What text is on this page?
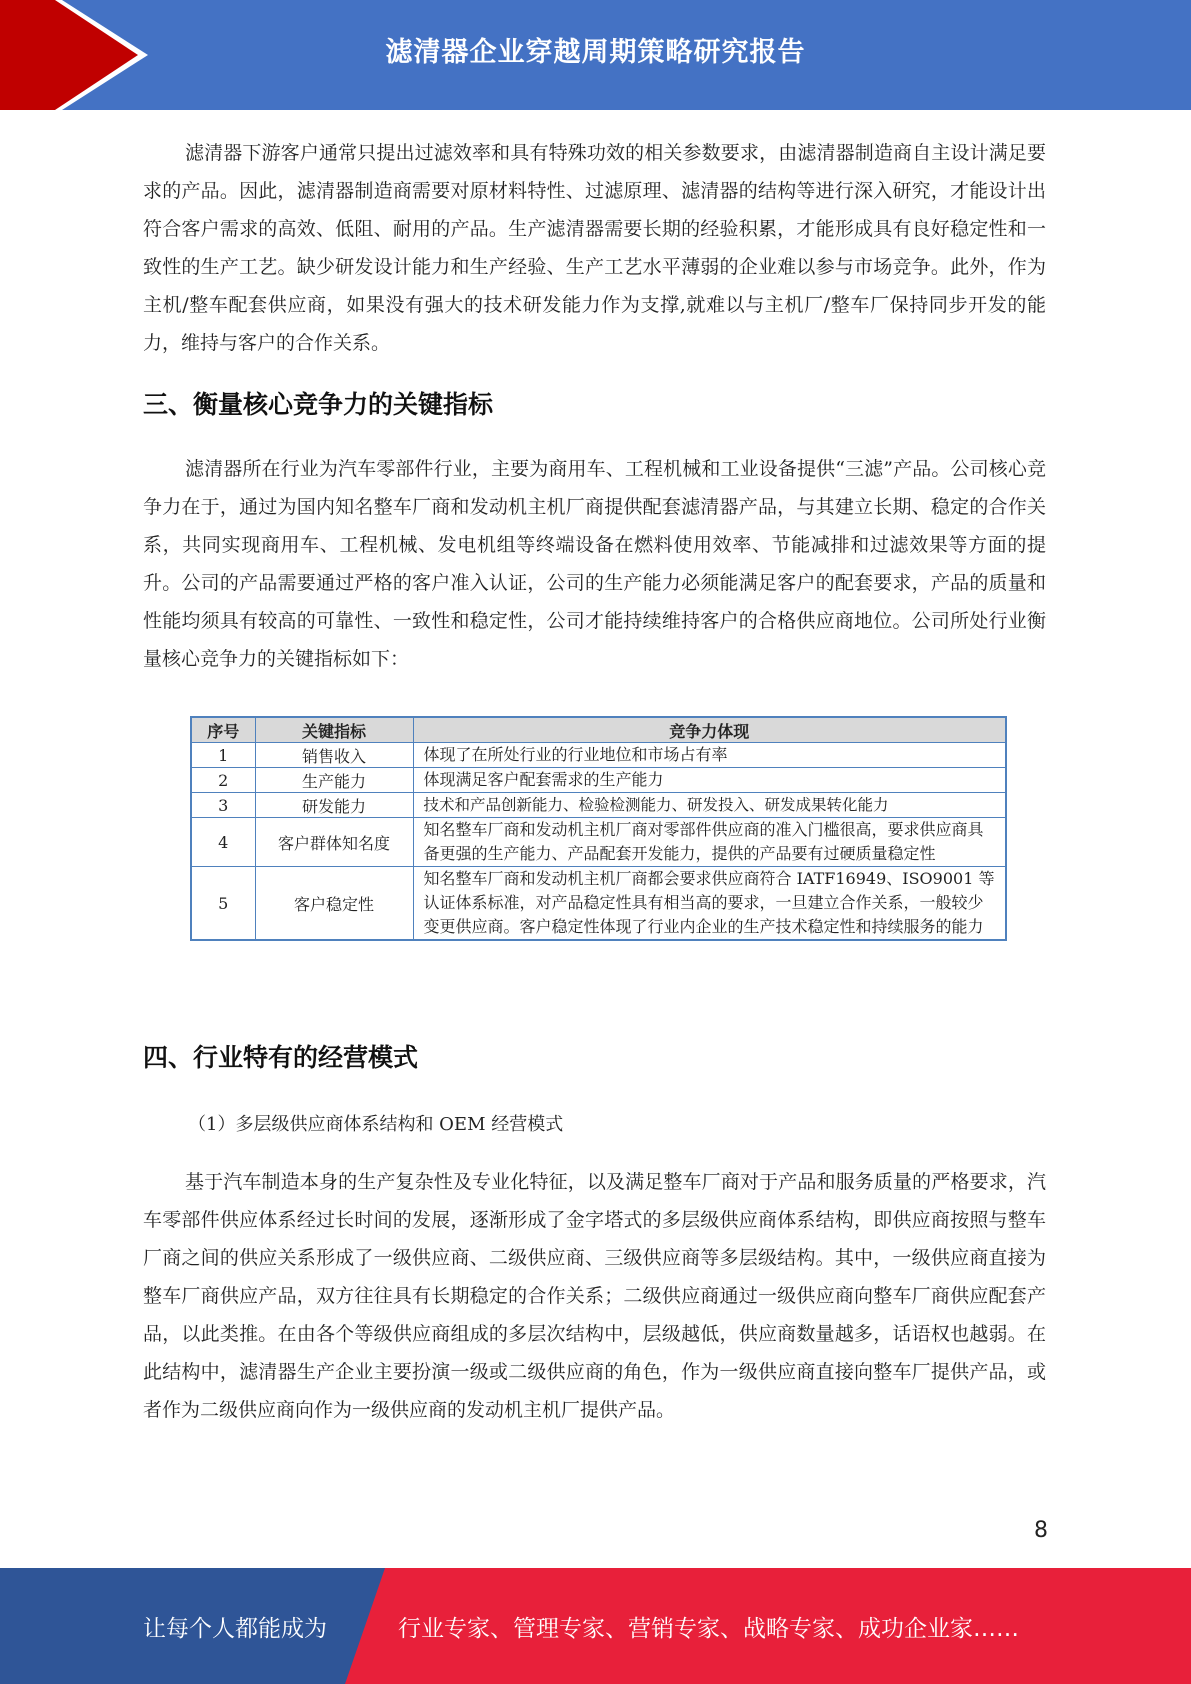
滤清器企业穿越周期策略研究报告

滤清器下游客户通常只提出过滤效率和具有特殊功效的相关参数要求，由滤清器制造商自主设计满足要求的产品。因此，滤清器制造商需要对原材料特性、过滤原理、滤清器的结构等进行深入研究，才能设计出符合客户需求的高效、低阻、耐用的产品。生产滤清器需要长期的经验积累，才能形成具有良好稳定性和一致性的生产工艺。缺少研发设计能力和生产经验、生产工艺水平薄弱的企业难以参与市场竞争。此外，作为主机/整车配套供应商，如果没有强大的技术研发能力作为支撑,就难以与主机厂/整车厂保持同步开发的能力，维持与客户的合作关系。

三、衡量核心竞争力的关键指标

滤清器所在行业为汽车零部件行业，主要为商用车、工程机械和工业设备提供“三滤”产品。公司核心竞争力在于，通过为国内知名整车厂商和发动机主机厂商提供配套滤清器产品，与其建立长期、稳定的合作关系，共同实现商用车、工程机械、发电机组等终端设备在燃料使用效率、节能减排和过滤效果等方面的提升。公司的产品需要通过严格的客户准入认证，公司的生产能力必须能满足客户的配套要求，产品的质量和性能均须具有较高的可靠性、一致性和稳定性，公司才能持续维持客户的合格供应商地位。公司所处行业衡量核心竞争力的关键指标如下：

序号	关键指标	竞争力体现
1	销售收入	体现了在所处行业的行业地位和市场占有率
2	生产能力	体现满足客户配套需求的生产能力
3	研发能力	技术和产品创新能力、检验检测能力、研发投入、研发成果转化能力
4	客户群体知名度	知名整车厂商和发动机主机厂商对零部件供应商的准入门槛很高，要求供应商具备更强的生产能力、产品配套开发能力，提供的产品要有过硬质量稳定性
5	客户稳定性	知名整车厂商和发动机主机厂商都会要求供应商符合 IATF16949、ISO9001 等认证体系标准，对产品稳定性具有相当高的要求，一旦建立合作关系，一般较少变更供应商。客户稳定性体现了行业内企业的生产技术稳定性和持续服务的能力
四、行业特有的经营模式

（1）多层级供应商体系结构和 OEM 经营模式

基于汽车制造本身的生产复杂性及专业化特征，以及满足整车厂商对于产品和服务质量的严格要求，汽车零部件供应体系经过长时间的发展，逐渐形成了金字塔式的多层级供应商体系结构，即供应商按照与整车厂商之间的供应关系形成了一级供应商、二级供应商、三级供应商等多层级结构。其中，一级供应商直接为整车厂商供应产品，双方往往具有长期稳定的合作关系；二级供应商通过一级供应商向整车厂商供应配套产品，以此类推。在由各个等级供应商组成的多层次结构中，层级越低，供应商数量越多，话语权也越弱。在此结构中，滤清器生产企业主要扮演一级或二级供应商的角色，作为一级供应商直接向整车厂提供产品，或者作为二级供应商向作为一级供应商的发动机主机厂提供产品。

8
让每个人都能成为	行业专家、管理专家、营销专家、战略专家、成功企业家……
